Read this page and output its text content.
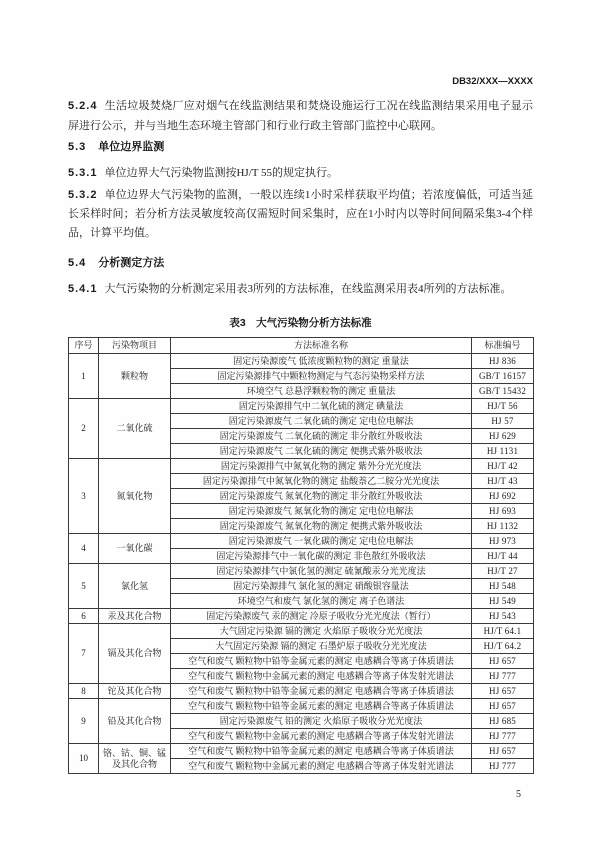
DB32/XXX—XXXX

5.2.4 生活垃圾焚烧厂应对烟气在线监测结果和焚烧设施运行工况在线监测结果采用电子显示屏进行公示，并与当地生态环境主管部门和行业行政主管部门监控中心联网。

5.3 单位边界监测

5.3.1 单位边界大气污染物监测按HJ/T 55的规定执行。

5.3.2 单位边界大气污染物的监测，一般以连续1小时采样获取平均值；若浓度偏低，可适当延长采样时间；若分析方法灵敏度较高仅需短时间采集时，应在1小时内以等时间间隔采集3-4个样品，计算平均值。

5.4 分析测定方法

5.4.1 大气污染物的分析测定采用表3所列的方法标准，在线监测采用表4所列的方法标准。

表3　大气污染物分析方法标准
序号	污染物项目	方法标准名称	标准编号
1	颗粒物	固定污染源废气 低浓度颗粒物的测定 重量法	HJ 836
		固定污染源排气中颗粒物测定与气态污染物采样方法	GB/T 16157
		环境空气 总悬浮颗粒物的测定 重量法	GB/T 15432
2	二氧化硫	固定污染源排气中二氧化硫的测定 碘量法	HJ/T 56
		固定污染源废气 二氧化硫的测定 定电位电解法	HJ 57
		固定污染源废气 二氧化硫的测定 非分散红外吸收法	HJ 629
		固定污染源废气 二氧化硫的测定 便携式紫外吸收法	HJ 1131
3	氮氧化物	固定污染源排气中氮氧化物的测定 紫外分光光度法	HJ/T 42
		固定污染源排气中氮氧化物的测定 盐酸萘乙二胺分光光度法	HJ/T 43
		固定污染源废气 氮氧化物的测定 非分散红外吸收法	HJ 692
		固定污染源废气 氮氧化物的测定 定电位电解法	HJ 693
		固定污染源废气 氮氧化物的测定 便携式紫外吸收法	HJ 1132
4	一氧化碳	固定污染源废气 一氧化碳的测定 定电位电解法	HJ 973
		固定污染源排气中一氧化碳的测定 非色散红外吸收法	HJ/T 44
5	氯化氢	固定污染源排气中氯化氢的测定 硫氰酸汞分光光度法	HJ/T 27
		固定污染源排气 氯化氢的测定 硝酸银容量法	HJ 548
		环境空气和废气 氯化氢的测定 离子色谱法	HJ 549
6	汞及其化合物	固定污染源废气 汞的测定 冷原子吸收分光光度法（暂行）	HJ 543
7	镉及其化合物	大气固定污染源 镉的测定 火焰原子吸收分光光度法	HJ/T 64.1
		大气固定污染源 镉的测定 石墨炉原子吸收分光光度法	HJ/T 64.2
		空气和废气 颗粒物中铅等金属元素的测定 电感耦合等离子体质谱法	HJ 657
		空气和废气 颗粒物中金属元素的测定 电感耦合等离子体发射光谱法	HJ 777
8	铊及其化合物	空气和废气 颗粒物中铅等金属元素的测定 电感耦合等离子体质谱法	HJ 657
9	铅及其化合物	空气和废气 颗粒物中铅等金属元素的测定 电感耦合等离子体质谱法	HJ 657
		固定污染源废气 铅的测定 火焰原子吸收分光光度法	HJ 685
		空气和废气 颗粒物中金属元素的测定 电感耦合等离子体发射光谱法	HJ 777
10	铬、钴、铜、锰及其化合物	空气和废气 颗粒物中铅等金属元素的测定 电感耦合等离子体质谱法	HJ 657
		空气和废气 颗粒物中金属元素的测定 电感耦合等离子体发射光谱法	HJ 777
5
